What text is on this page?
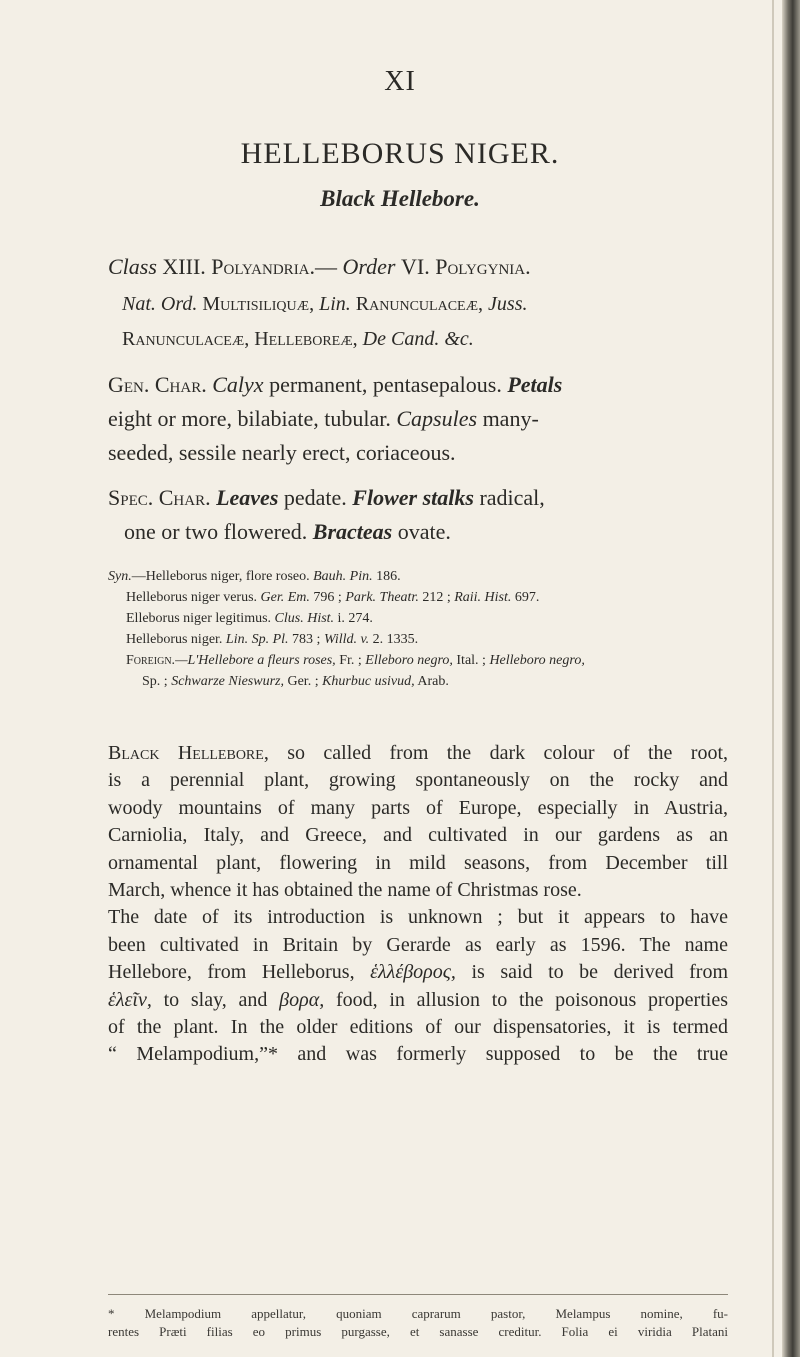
XI
HELLEBORUS NIGER.
Black Hellebore.
Class XIII. Polyandria.— Order VI. Polygynia.
Nat. Ord. Multisiliquæ, Lin. Ranunculaceæ, Juss.
Ranunculaceæ, Helleboreæ, De Cand. &c.
Gen. Char. Calyx permanent, pentasepalous. Petals
eight or more, bilabiate, tubular. Capsules many-
seeded, sessile nearly erect, coriaceous.
Spec. Char. Leaves pedate. Flower stalks radical,
one or two flowered. Bracteas ovate.
Syn.—Helleborus niger, flore roseo. Bauh. Pin. 186.
Helleborus niger verus. Ger. Em. 796 ; Park. Theatr. 212 ; Raii. Hist. 697.
Elleborus niger legitimus. Clus. Hist. i. 274.
Helleborus niger. Lin. Sp. Pl. 783 ; Willd. v. 2. 1335.
Foreign.—L'Hellebore a fleurs roses, Fr. ; Elleboro negro, Ital. ; Helleboro negro,
Sp. ; Schwarze Nieswurz, Ger. ; Khurbuc usivud, Arab.
Black Hellebore, so called from the dark colour of the root,
is a perennial plant, growing spontaneously on the rocky and
woody mountains of many parts of Europe, especially in Austria,
Carniolia, Italy, and Greece, and cultivated in our gardens as an
ornamental plant, flowering in mild seasons, from December till
March, whence it has obtained the name of Christmas rose.
The date of its introduction is unknown ; but it appears to have
been cultivated in Britain by Gerarde as early as 1596. The name
Hellebore, from Helleborus, ἑλλέβορος, is said to be derived from
ἑλεῖν, to slay, and βορα, food, in allusion to the poisonous properties
of the plant. In the older editions of our dispensatories, it is termed
“ Melampodium,”* and was formerly supposed to be the true
* Melampodium appellatur, quoniam caprarum pastor, Melampus nomine, fu-
rentes Præti filias eo primus purgasse, et sanasse creditur. Folia ei viridia Platani
